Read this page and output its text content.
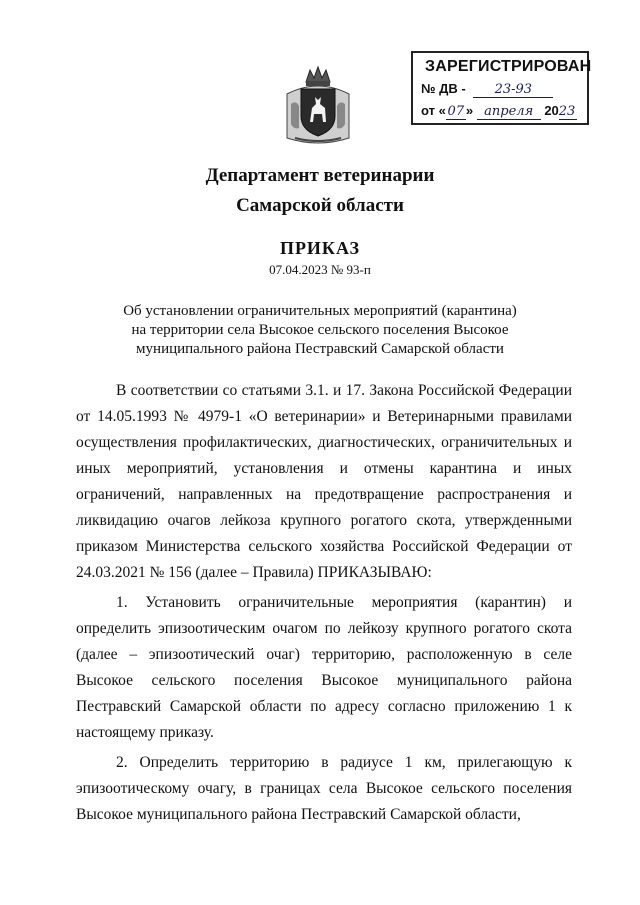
ЗАРЕГИСТРИРОВАН
№ ДВ - 23-93
от « 07 » апреля 2023
Департамент ветеринарии
Самарской области
ПРИКАЗ
07.04.2023 № 93-п
Об установлении ограничительных мероприятий (карантина)
на территории села Высокое сельского поселения Высокое
муниципального района Пестравский Самарской области

В соответствии со статьями 3.1. и 17. Закона Российской Федерации от 14.05.1993 № 4979-1 «О ветеринарии» и Ветеринарными правилами осуществления профилактических, диагностических, ограничительных и иных мероприятий, установления и отмены карантина и иных ограничений, направленных на предотвращение распространения и ликвидацию очагов лейкоза крупного рогатого скота, утвержденными приказом Министерства сельского хозяйства Российской Федерации от 24.03.2021 № 156 (далее – Правила) ПРИКАЗЫВАЮ:

1. Установить ограничительные мероприятия (карантин) и определить эпизоотическим очагом по лейкозу крупного рогатого скота (далее – эпизоотический очаг) территорию, расположенную в селе Высокое сельского поселения Высокое муниципального района Пестравский Самарской области по адресу согласно приложению 1 к настоящему приказу.

2. Определить территорию в радиусе 1 км, прилегающую к эпизоотическому очагу, в границах села Высокое сельского поселения Высокое муниципального района Пестравский Самарской области,
